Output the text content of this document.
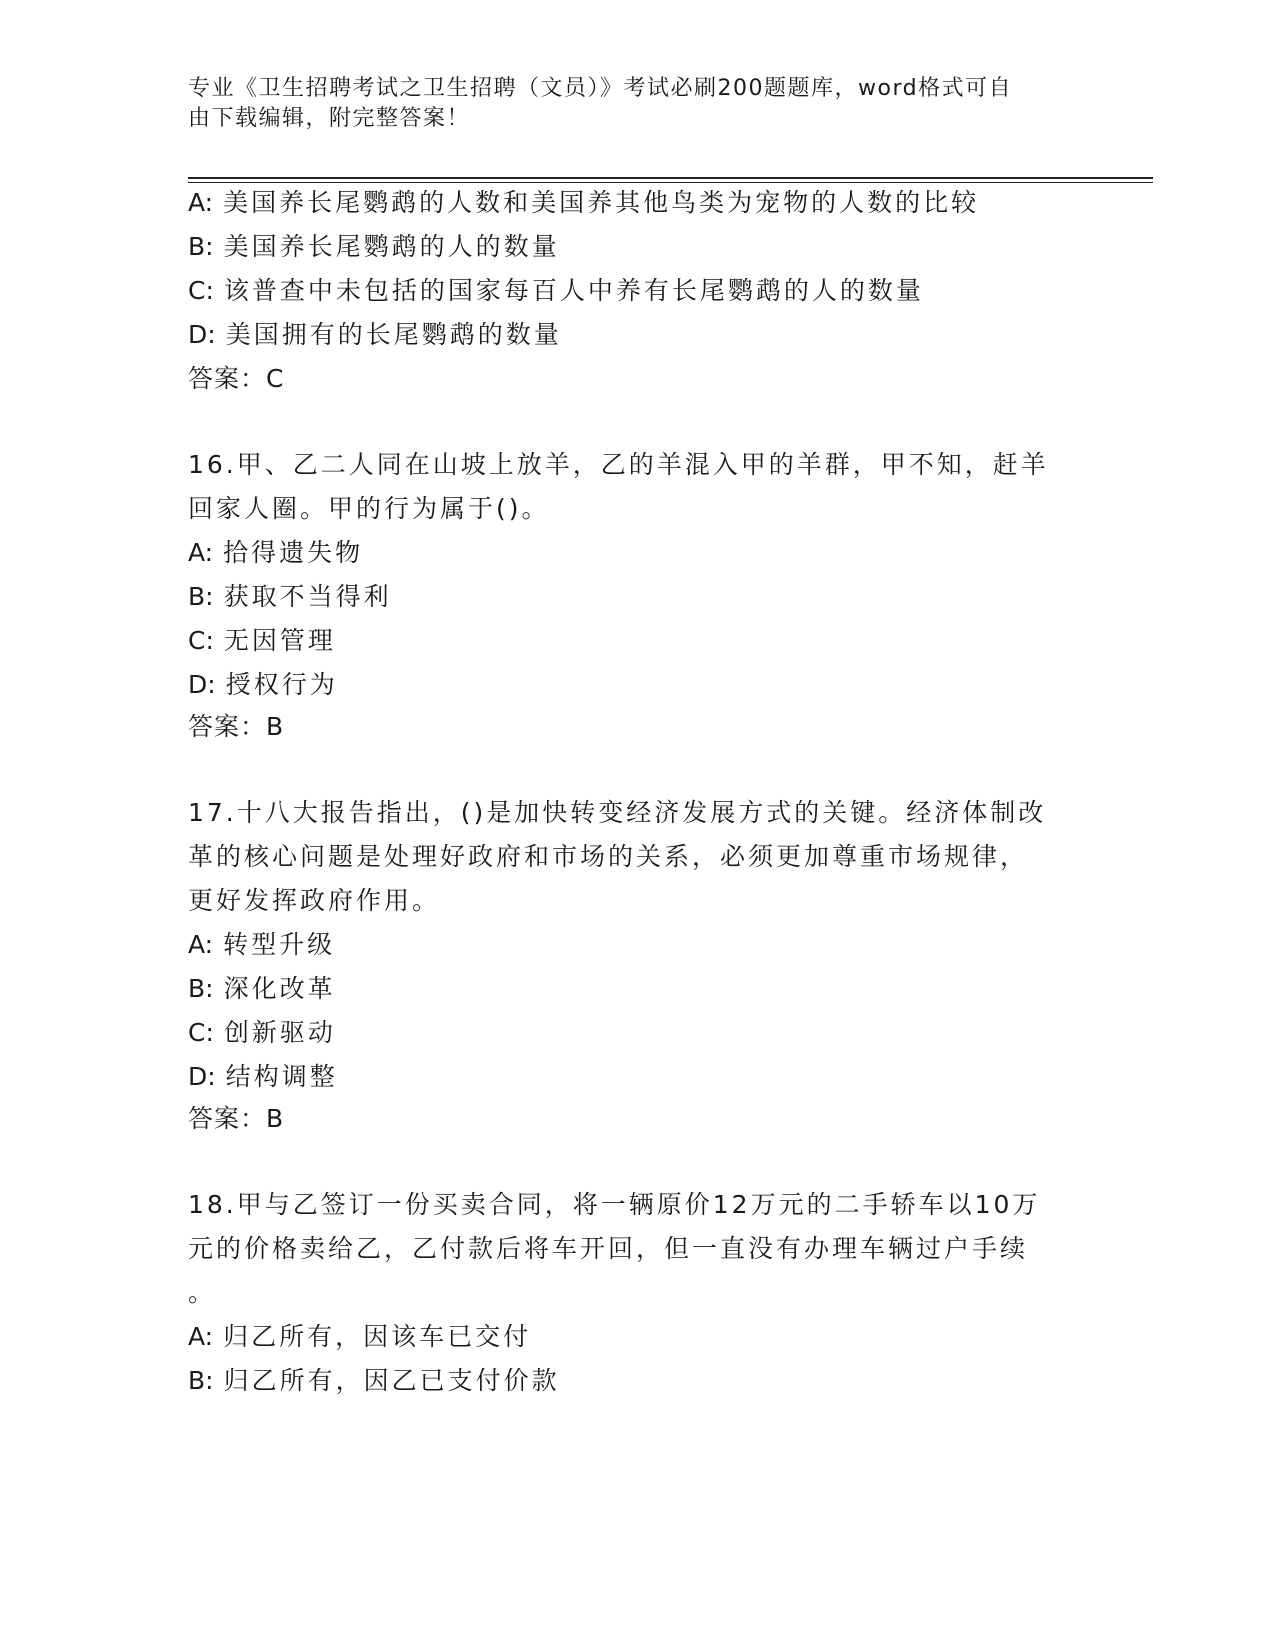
专业《卫生招聘考试之卫生招聘（文员）》考试必刷200题题库，word格式可自
由下载编辑，附完整答案！
A: 美国养长尾鹦鹉的人数和美国养其他鸟类为宠物的人数的比较
B: 美国养长尾鹦鹉的人的数量
C: 该普查中未包括的国家每百人中养有长尾鹦鹉的人的数量
D: 美国拥有的长尾鹦鹉的数量
答案：C
16.甲、乙二人同在山坡上放羊，乙的羊混入甲的羊群，甲不知，赶羊
回家人圈。甲的行为属于()。
A: 拾得遗失物
B: 获取不当得利
C: 无因管理
D: 授权行为
答案：B
17.十八大报告指出，()是加快转变经济发展方式的关键。经济体制改
革的核心问题是处理好政府和市场的关系，必须更加尊重市场规律，
更好发挥政府作用。
A: 转型升级
B: 深化改革
C: 创新驱动
D: 结构调整
答案：B
18.甲与乙签订一份买卖合同，将一辆原价12万元的二手轿车以10万
元的价格卖给乙，乙付款后将车开回，但一直没有办理车辆过户手续
。
A: 归乙所有，因该车已交付
B: 归乙所有，因乙已支付价款
